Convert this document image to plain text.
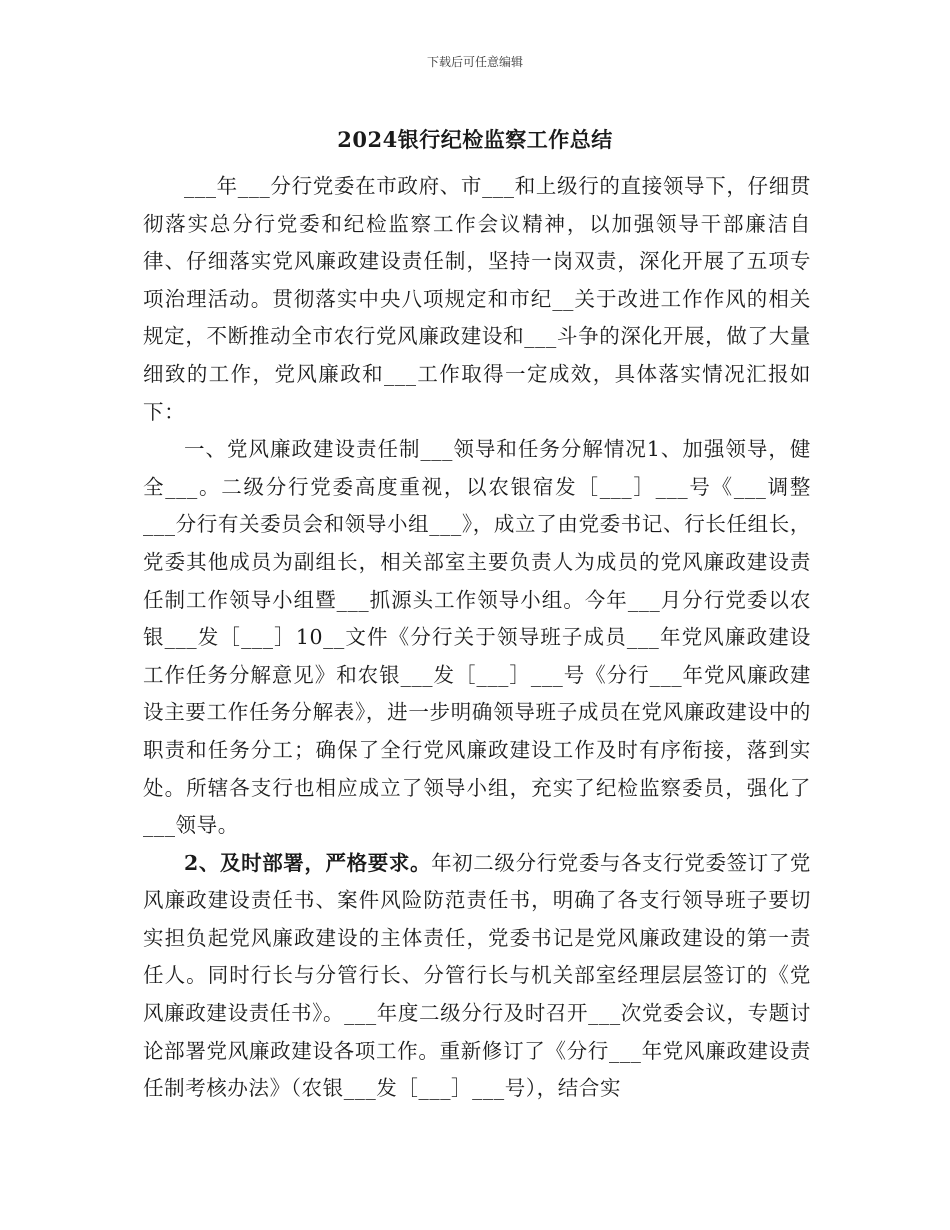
下载后可任意编辑
2024银行纪检监察工作总结

___年___分行党委在市政府、市___和上级行的直接领导下，仔细贯彻落实总分行党委和纪检监察工作会议精神，以加强领导干部廉洁自律、仔细落实党风廉政建设责任制，坚持一岗双责，深化开展了五项专项治理活动。贯彻落实中央八项规定和市纪__关于改进工作作风的相关规定，不断推动全市农行党风廉政建设和___斗争的深化开展，做了大量细致的工作，党风廉政和___工作取得一定成效，具体落实情况汇报如下：

一、党风廉政建设责任制___领导和任务分解情况1、加强领导，健全___。二级分行党委高度重视，以农银宿发［___］___号《___调整___分行有关委员会和领导小组___》，成立了由党委书记、行长任组长，党委其他成员为副组长，相关部室主要负责人为成员的党风廉政建设责任制工作领导小组暨___抓源头工作领导小组。今年___月分行党委以农银___发［___］10__文件《分行关于领导班子成员___年党风廉政建设工作任务分解意见》和农银___发［___］___号《分行___年党风廉政建设主要工作任务分解表》，进一步明确领导班子成员在党风廉政建设中的职责和任务分工；确保了全行党风廉政建设工作及时有序衔接，落到实处。所辖各支行也相应成立了领导小组，充实了纪检监察委员，强化了___领导。

2、及时部署，严格要求。年初二级分行党委与各支行党委签订了党风廉政建设责任书、案件风险防范责任书，明确了各支行领导班子要切实担负起党风廉政建设的主体责任，党委书记是党风廉政建设的第一责任人。同时行长与分管行长、分管行长与机关部室经理层层签订的《党风廉政建设责任书》。___年度二级分行及时召开___次党委会议，专题讨论部署党风廉政建设各项工作。重新修订了《分行___年党风廉政建设责任制考核办法》（农银___发［___］___号），结合实
